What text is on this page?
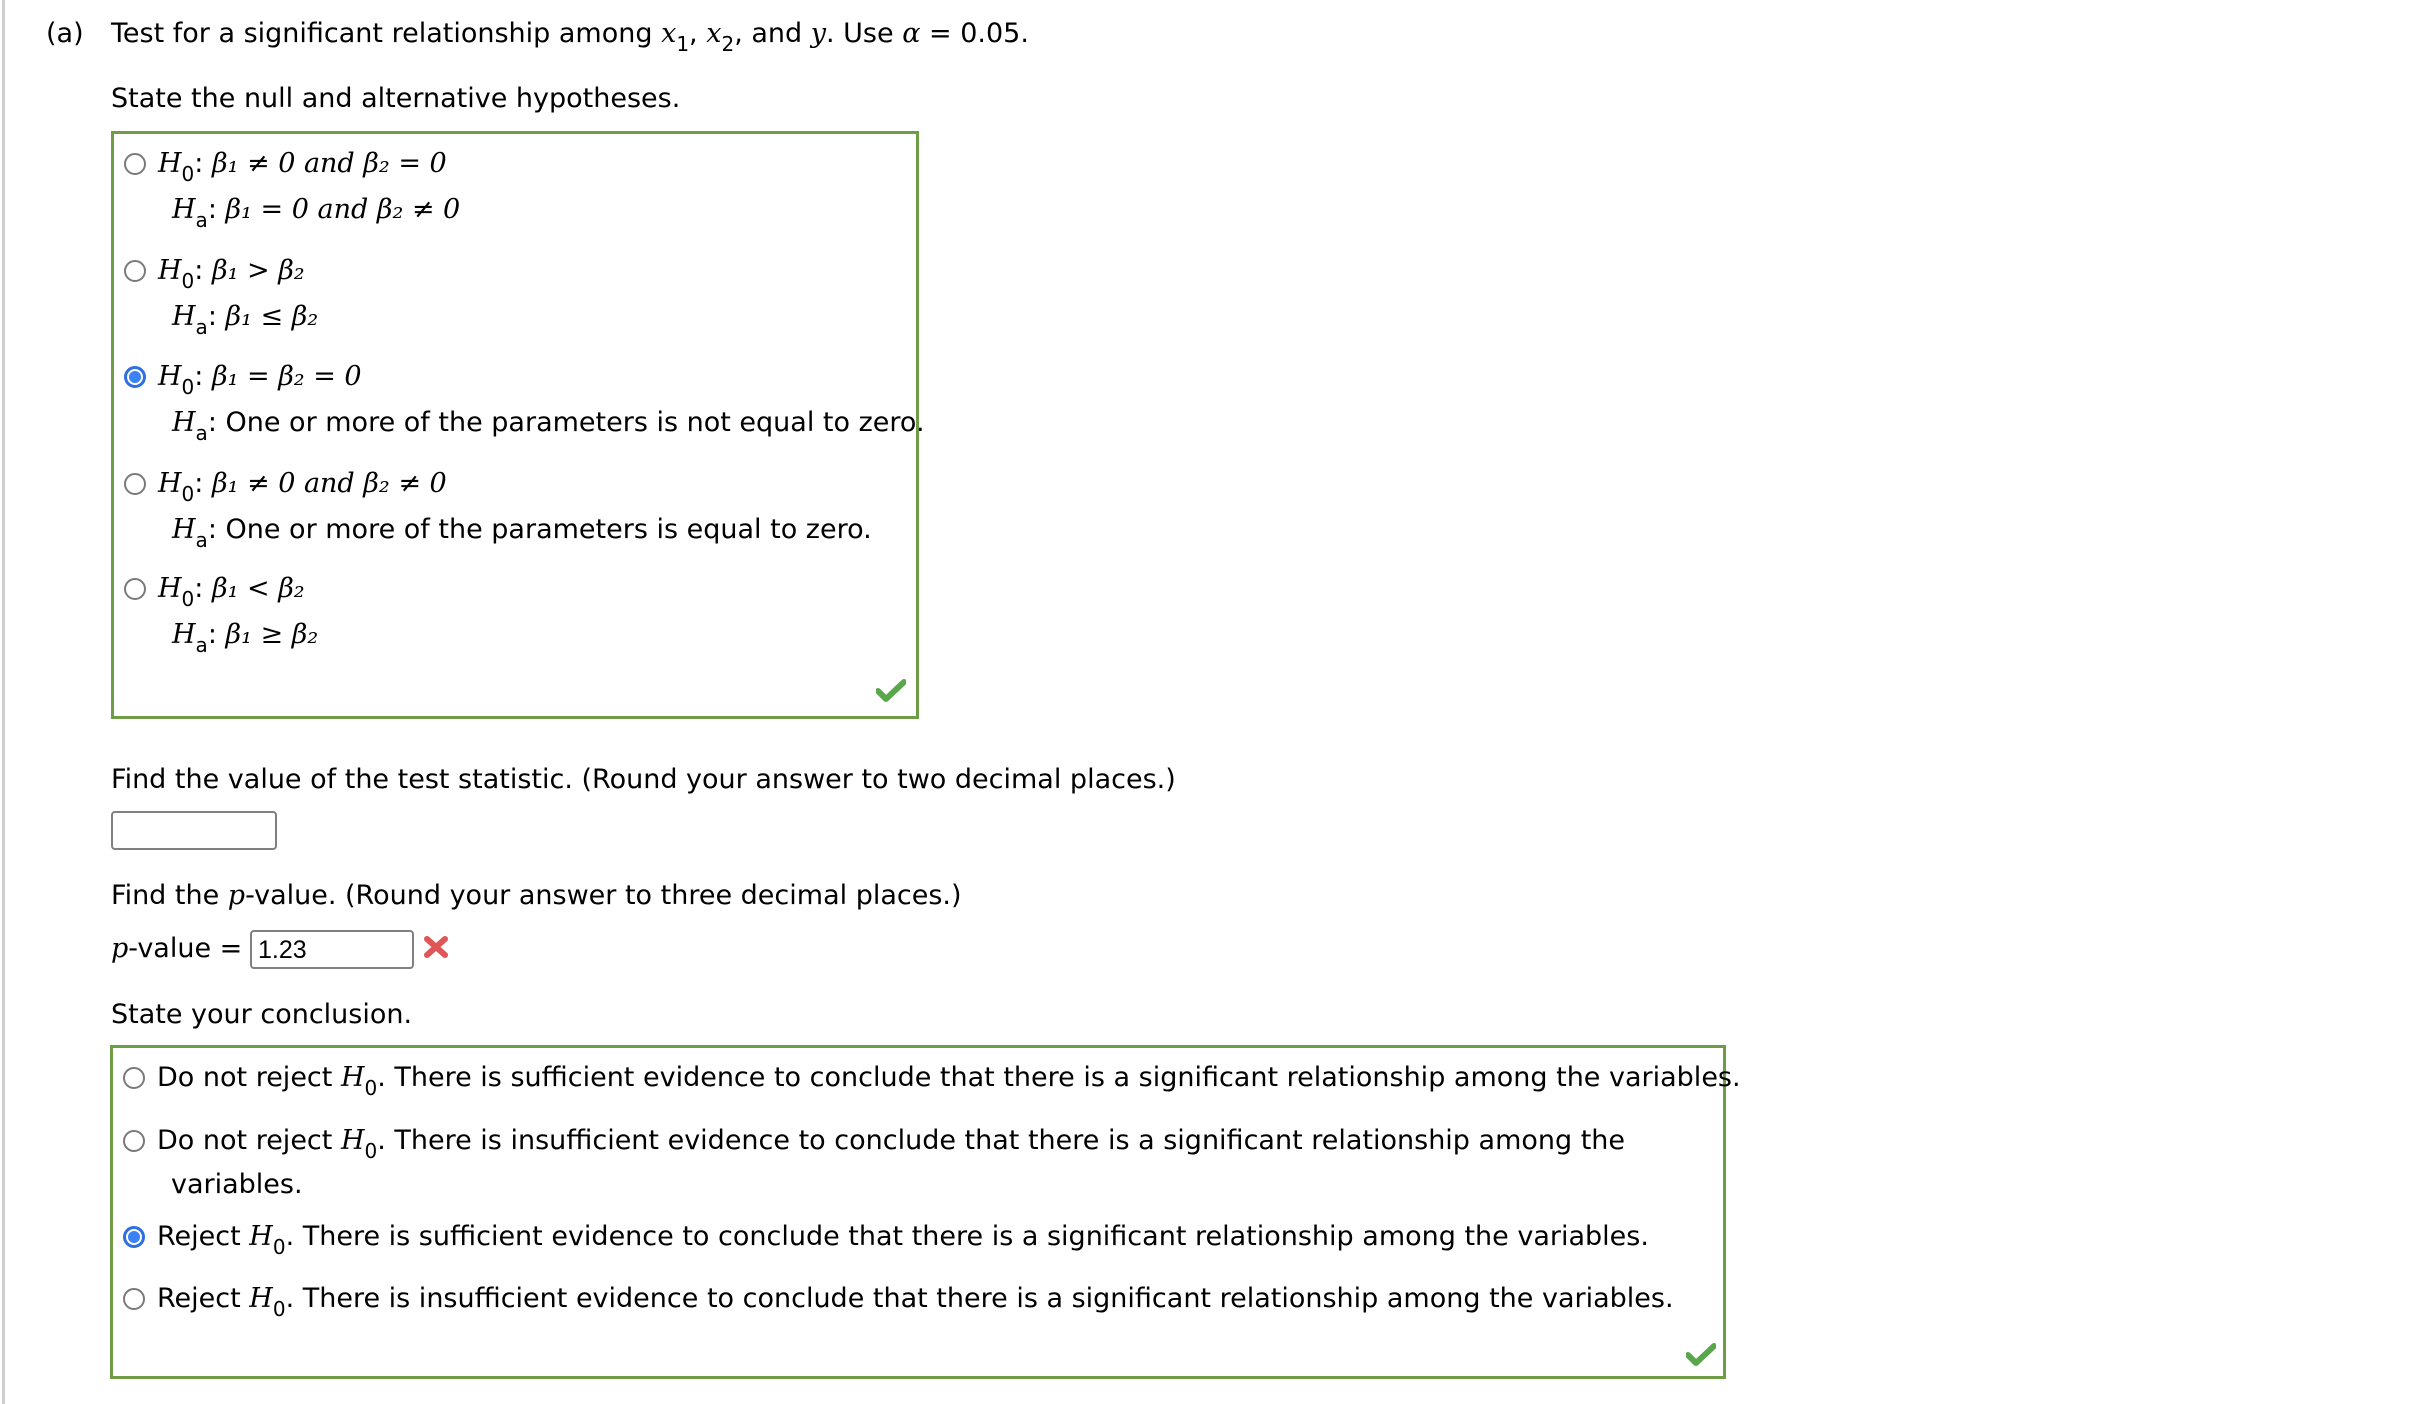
(a) Test for a significant relationship among $x_1$, $x_2$, and y. Use α = 0.05.
State the null and alternative hypotheses.
$H_0$: β₁ ≠ 0 and β₂ = 0
$H_a$: β₁ = 0 and β₂ ≠ 0
$H_0$: β₁ > β₂
$H_a$: β₁ ≤ β₂
$H_0$: β₁ = β₂ = 0
$H_a$: One or more of the parameters is not equal to zero.
$H_0$: β₁ ≠ 0 and β₂ ≠ 0
$H_a$: One or more of the parameters is equal to zero.
$H_0$: β₁ < β₂
$H_a$: β₁ ≥ β₂
Find the value of the test statistic. (Round your answer to two decimal places.)
Find the p-value. (Round your answer to three decimal places.)
p-value = 1.23
State your conclusion.
Do not reject $H_0$. There is sufficient evidence to conclude that there is a significant relationship among the variables.
Do not reject $H_0$. There is insufficient evidence to conclude that there is a significant relationship among the
variables.
Reject $H_0$. There is sufficient evidence to conclude that there is a significant relationship among the variables.
Reject $H_0$. There is insufficient evidence to conclude that there is a significant relationship among the variables.
